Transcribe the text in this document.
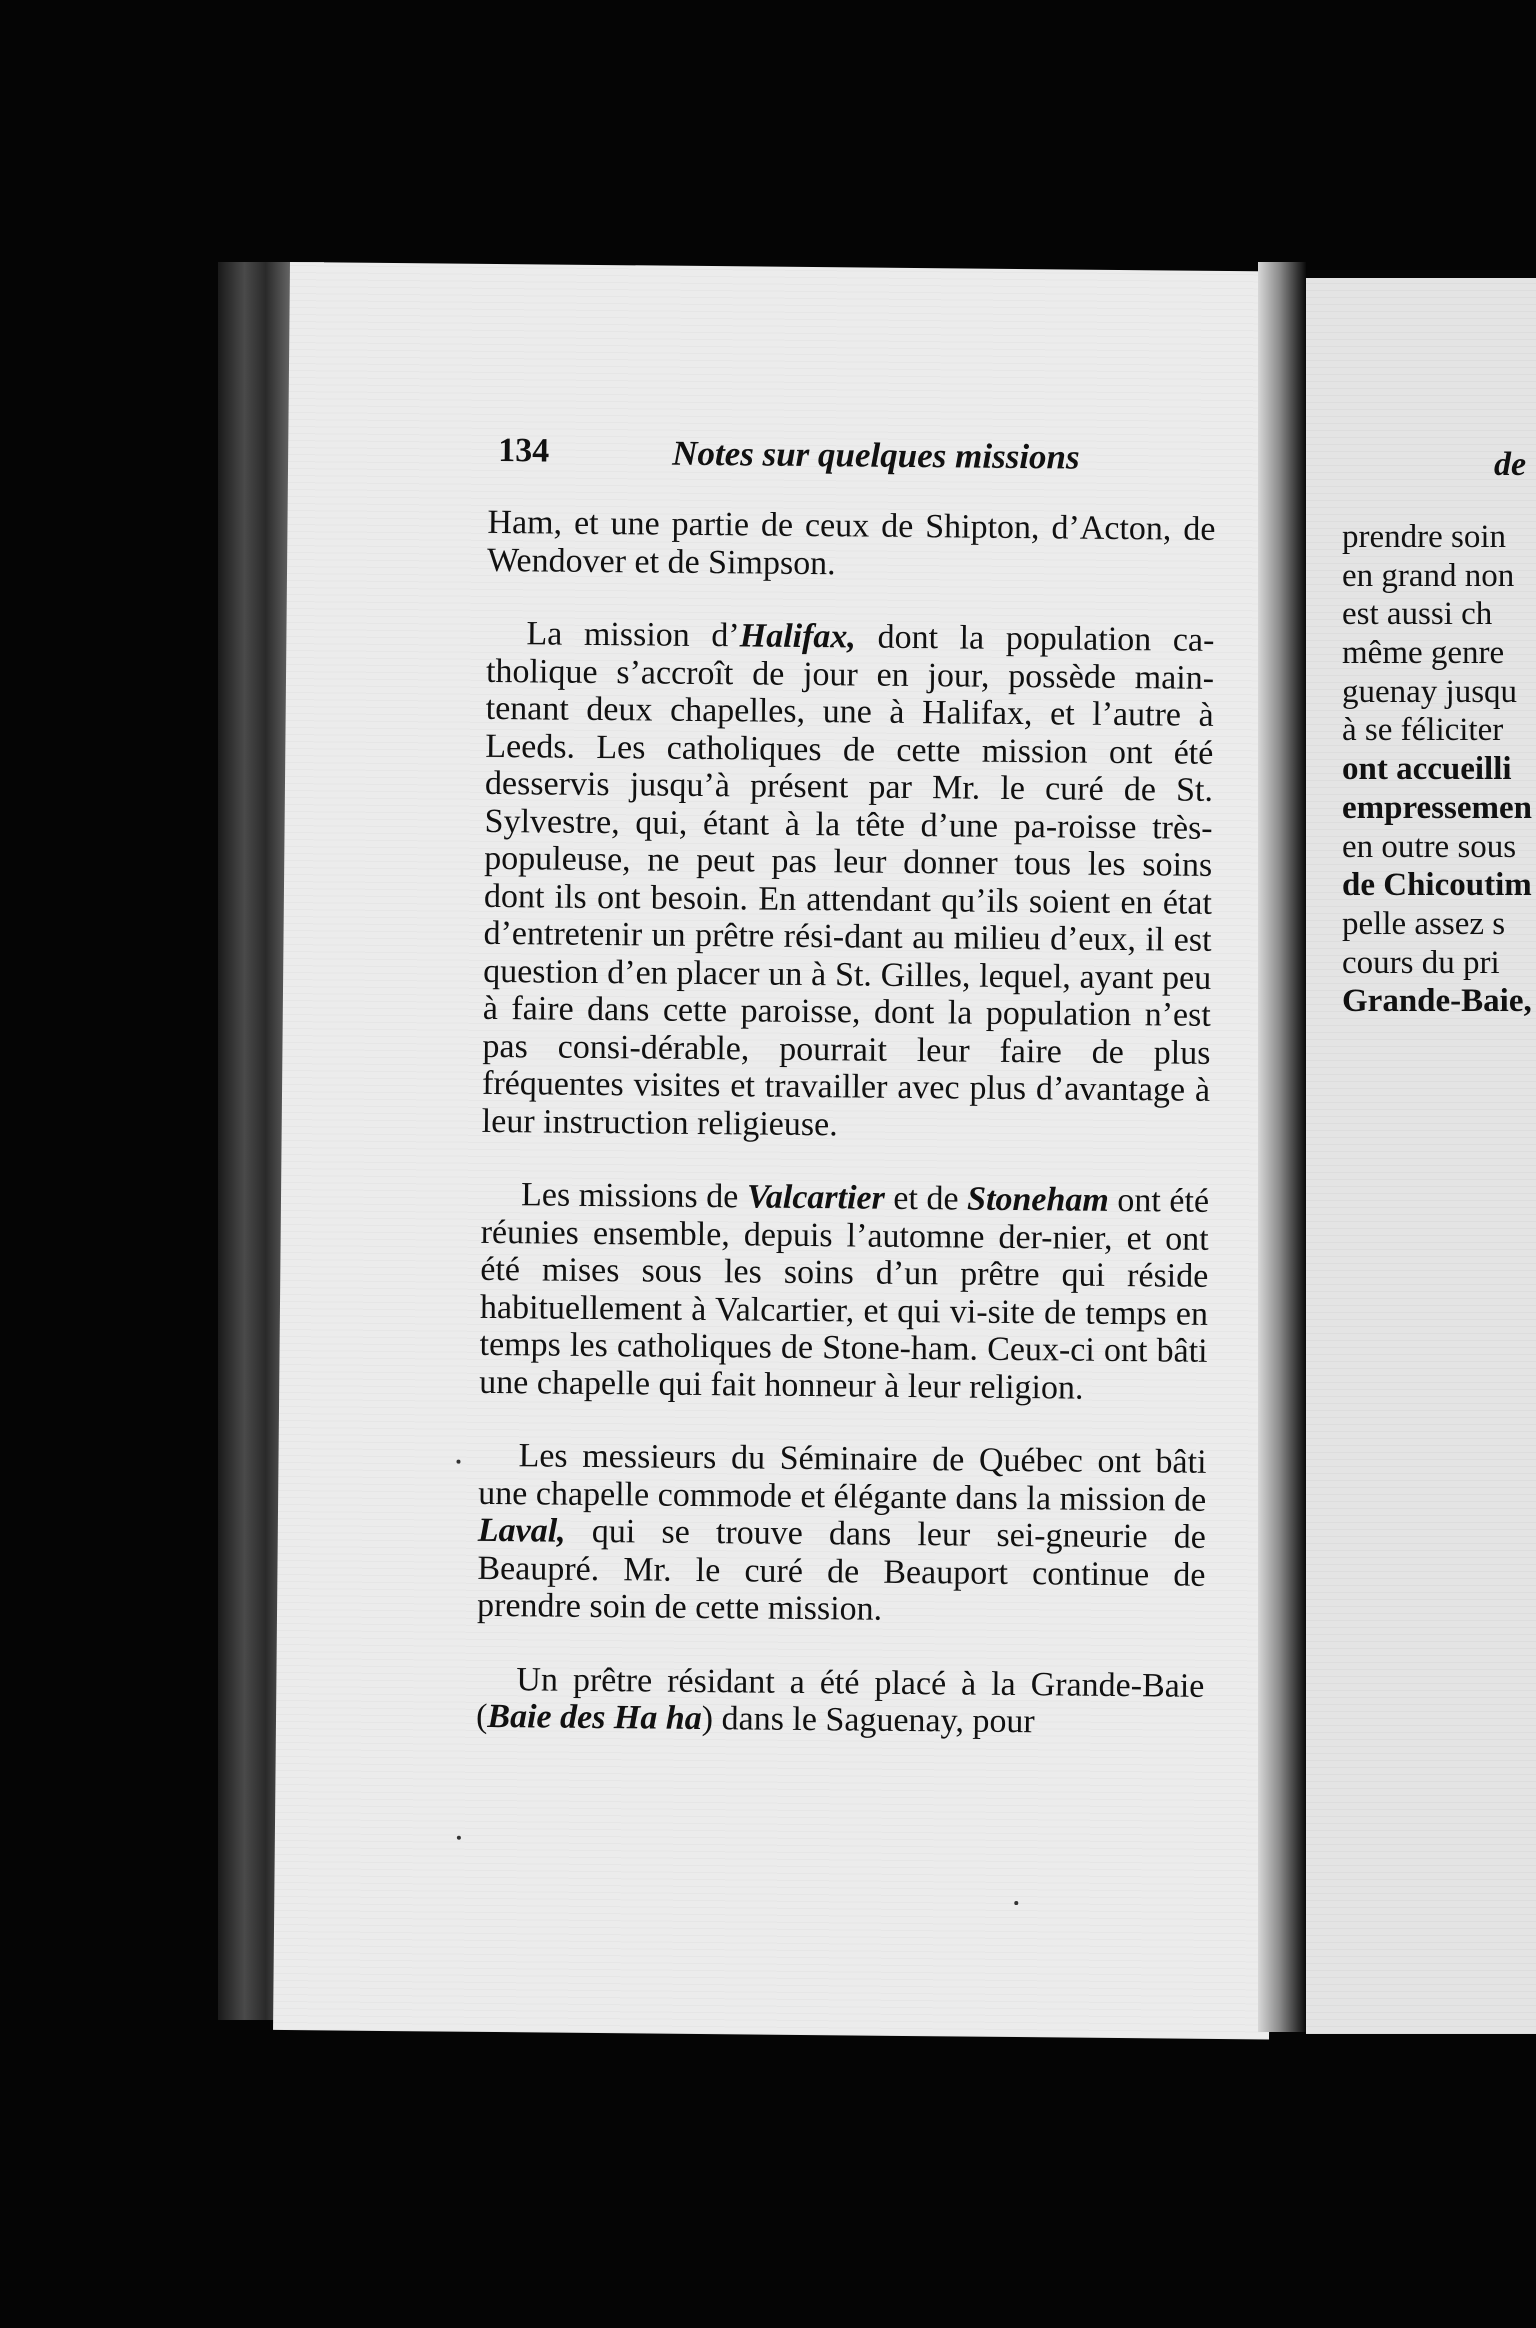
134	Notes sur quelques missions

Ham, et une partie de ceux de Shipton, d’Acton, de Wendover et de Simpson.

La mission d’Halifax, dont la population ca-tholique s’accroît de jour en jour, possède main-tenant deux chapelles, une à Halifax, et l’autre à Leeds. Les catholiques de cette mission ont été desservis jusqu’à présent par Mr. le curé de St. Sylvestre, qui, étant à la tête d’une pa-roisse très-populeuse, ne peut pas leur donner tous les soins dont ils ont besoin. En attendant qu’ils soient en état d’entretenir un prêtre rési-dant au milieu d’eux, il est question d’en placer un à St. Gilles, lequel, ayant peu à faire dans cette paroisse, dont la population n’est pas consi-dérable, pourrait leur faire de plus fréquentes visites et travailler avec plus d’avantage à leur instruction religieuse.

Les missions de Valcartier et de Stoneham ont été réunies ensemble, depuis l’automne der-nier, et ont été mises sous les soins d’un prêtre qui réside habituellement à Valcartier, et qui vi-site de temps en temps les catholiques de Stone-ham. Ceux-ci ont bâti une chapelle qui fait honneur à leur religion.

Les messieurs du Séminaire de Québec ont bâti une chapelle commode et élégante dans la mission de Laval, qui se trouve dans leur sei-gneurie de Beaupré. Mr. le curé de Beauport continue de prendre soin de cette mission.

Un prêtre résidant a été placé à la Grande-Baie (Baie des Ha ha) dans le Saguenay, pour

de
prendre soin
en grand non
est aussi ch
même genre
guenay jusqu
à se féliciter
ont accueilli
empressemen
en outre sous
de Chicoutim
pelle assez s
cours du pri
Grande-Baie,
